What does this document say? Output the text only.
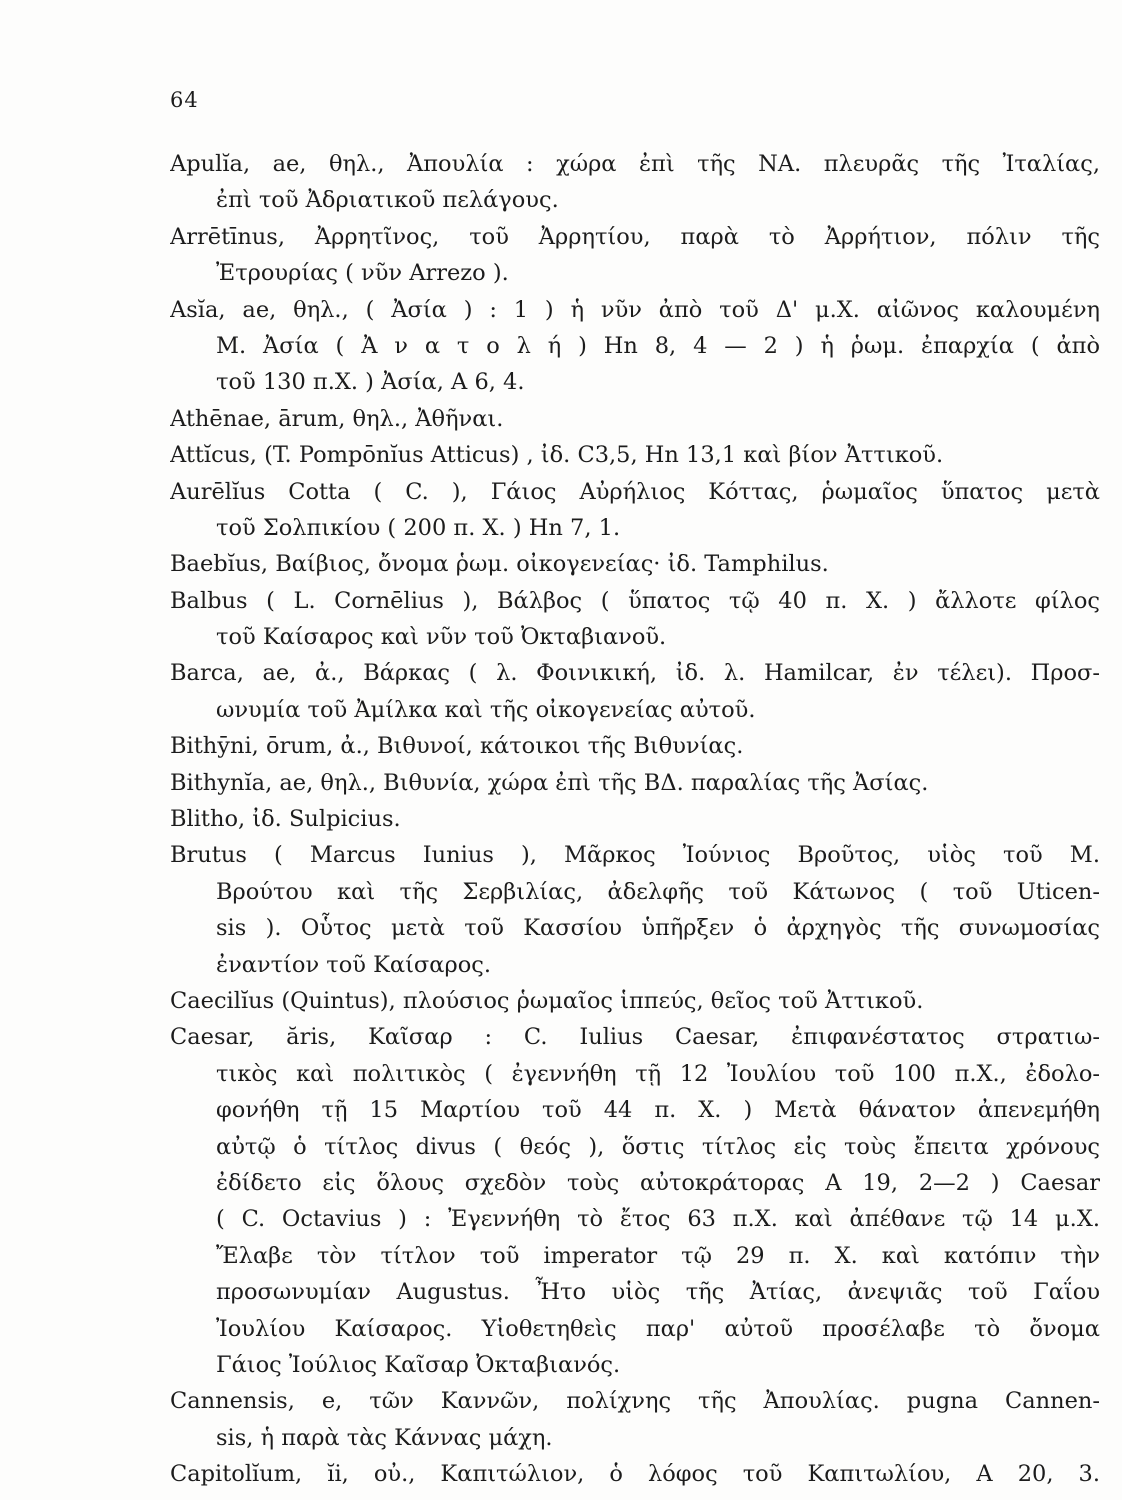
64
Apulĭa, ae, θηλ., Ἀπουλία : χώρα ἐπὶ τῆς ΝΑ. πλευρᾶς τῆς Ἰταλίας,
ἐπὶ τοῦ Ἀδριατικοῦ πελάγους.
Arrētīnus, Ἀρρητῖνος, τοῦ Ἀρρητίου, παρὰ τὸ Ἀρρήτιον, πόλιν τῆς
Ἐτρουρίας ( νῦν Arrezo ).
Asĭa, ae, θηλ., ( Ἀσία ) : 1 ) ἡ νῦν ἀπὸ τοῦ Δ' μ.Χ. αἰῶνος καλουμένη
Μ. Ἀσία ( Ἀ ν α τ ο λ ή ) Hn 8, 4 — 2 ) ἡ ῥωμ. ἐπαρχία ( ἀπὸ
τοῦ 130 π.Χ. ) Ἀσία, A 6, 4.
Athēnae, ārum, θηλ., Ἀθῆναι.
Attĭcus, (T. Pompōnĭus Atticus) , ἰδ. C3,5, Hn 13,1 καὶ βίον Ἀττικοῦ.
Aurēlĭus Cotta ( C. ), Γάιος Αὐρήλιος Κόττας, ῥωμαῖος ὕπατος μετὰ
τοῦ Σολπικίου ( 200 π. Χ. ) Hn 7, 1.
Baebĭus, Βαίβιος, ὄνομα ῥωμ. οἰκογενείας· ἰδ. Tamphilus.
Balbus ( L. Cornēlius ), Βάλβος ( ὕπατος τῷ 40 π. Χ. ) ἄλλοτε φίλος
τοῦ Καίσαρος καὶ νῦν τοῦ Ὀκταβιανοῦ.
Barca, ae, ἀ., Βάρκας ( λ. Φοινικική, ἰδ. λ. Hamilcar, ἐν τέλει). Προσ-
ωνυμία τοῦ Ἀμίλκα καὶ τῆς οἰκογενείας αὐτοῦ.
Bithȳni, ōrum, ἀ., Βιθυνοί, κάτοικοι τῆς Βιθυνίας.
Bithynĭa, ae, θηλ., Βιθυνία, χώρα ἐπὶ τῆς ΒΔ. παραλίας τῆς Ἀσίας.
Blitho, ἰδ. Sulpicius.
Brutus ( Marcus Iunius ), Μᾶρκος Ἰούνιος Βροῦτος, υἱὸς τοῦ Μ.
Βρούτου καὶ τῆς Σερβιλίας, ἀδελφῆς τοῦ Κάτωνος ( τοῦ Uticen-
sis ). Οὗτος μετὰ τοῦ Κασσίου ὑπῆρξεν ὁ ἀρχηγὸς τῆς συνωμοσίας
ἐναντίον τοῦ Καίσαρος.
Caecilĭus (Quintus), πλούσιος ῥωμαῖος ἱππεύς, θεῖος τοῦ Ἀττικοῦ.
Caesar, ăris, Καῖσαρ : C. Iulius Caesar, ἐπιφανέστατος στρατιω-
τικὸς καὶ πολιτικὸς ( ἐγεννήθη τῇ 12 Ἰουλίου τοῦ 100 π.Χ., ἐδολο-
φονήθη τῇ 15 Μαρτίου τοῦ 44 π. Χ. ) Μετὰ θάνατον ἀπενεμήθη
αὐτῷ ὁ τίτλος divus ( θεός ), ὅστις τίτλος εἰς τοὺς ἔπειτα χρόνους
ἐδίδετο εἰς ὅλους σχεδὸν τοὺς αὐτοκράτορας A 19, 2—2 ) Caesar
( C. Octavius ) : Ἐγεννήθη τὸ ἔτος 63 π.Χ. καὶ ἀπέθανε τῷ 14 μ.Χ.
Ἔλαβε τὸν τίτλον τοῦ imperator τῷ 29 π. Χ. καὶ κατόπιν τὴν
προσωνυμίαν Augustus. Ἦτο υἱὸς τῆς Ἀτίας, ἀνεψιᾶς τοῦ Γαΐου
Ἰουλίου Καίσαρος. Υἱοθετηθεὶς παρ' αὐτοῦ προσέλαβε τὸ ὄνομα
Γάιος Ἰούλιος Καῖσαρ Ὀκταβιανός.
Cannensis, e, τῶν Καννῶν, πολίχνης τῆς Ἀπουλίας. pugna Cannen-
sis, ἡ παρὰ τὰς Κάννας μάχη.
Capitolĭum, ĭi, οὐ., Καπιτώλιον, ὁ λόφος τοῦ Καπιτωλίου, A 20, 3.
